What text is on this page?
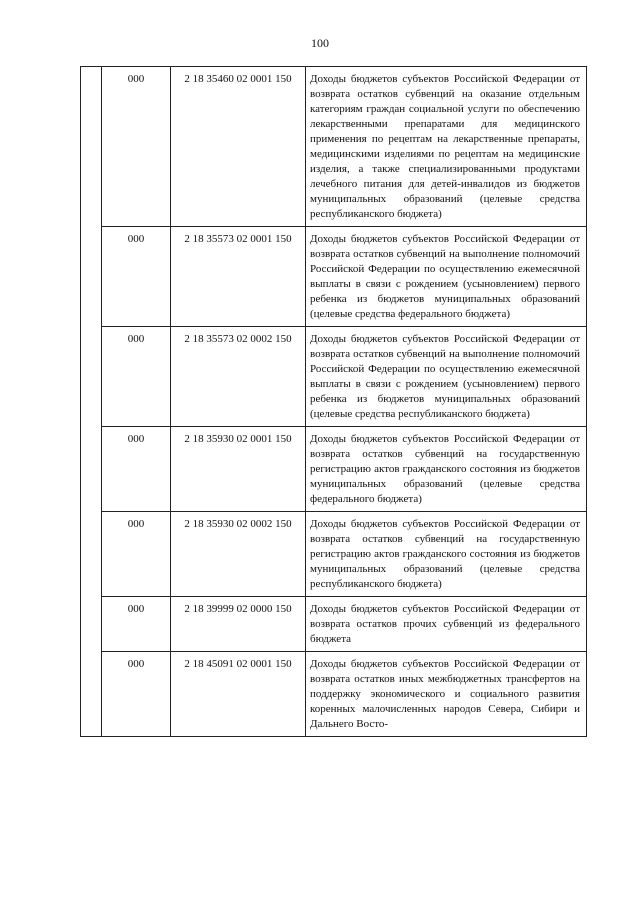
100
	000	2 18 35460 02 0001 150	Доходы бюджетов субъектов Российской Федерации от возврата остатков субвенций на оказание отдельным категориям граждан социальной услуги по обеспечению лекарственными препаратами для медицинского применения по рецептам на лекарственные препараты, медицинскими изделиями по рецептам на медицинские изделия, а также специализированными продуктами лечебного питания для детей-инвалидов из бюджетов муниципальных образований (целевые средства республиканского бюджета)
	000	2 18 35573 02 0001 150	Доходы бюджетов субъектов Российской Федерации от возврата остатков субвенций на выполнение полномочий Российской Федерации по осуществлению ежемесячной выплаты в связи с рождением (усыновлением) первого ребенка из бюджетов муниципальных образований (целевые средства федерального бюджета)
	000	2 18 35573 02 0002 150	Доходы бюджетов субъектов Российской Федерации от возврата остатков субвенций на выполнение полномочий Российской Федерации по осуществлению ежемесячной выплаты в связи с рождением (усыновлением) первого ребенка из бюджетов муниципальных образований (целевые средства республиканского бюджета)
	000	2 18 35930 02 0001 150	Доходы бюджетов субъектов Российской Федерации от возврата остатков субвенций на государственную регистрацию актов гражданского состояния из бюджетов муниципальных образований (целевые средства федерального бюджета)
	000	2 18 35930 02 0002 150	Доходы бюджетов субъектов Российской Федерации от возврата остатков субвенций на государственную регистрацию актов гражданского состояния из бюджетов муниципальных образований (целевые средства республиканского бюджета)
	000	2 18 39999 02 0000 150	Доходы бюджетов субъектов Российской Федерации от возврата остатков прочих субвенций из федерального бюджета
	000	2 18 45091 02 0001 150	Доходы бюджетов субъектов Российской Федерации от возврата остатков иных межбюджетных трансфертов на поддержку экономического и социального развития коренных малочисленных народов Севера, Сибири и Дальнего Восто-
